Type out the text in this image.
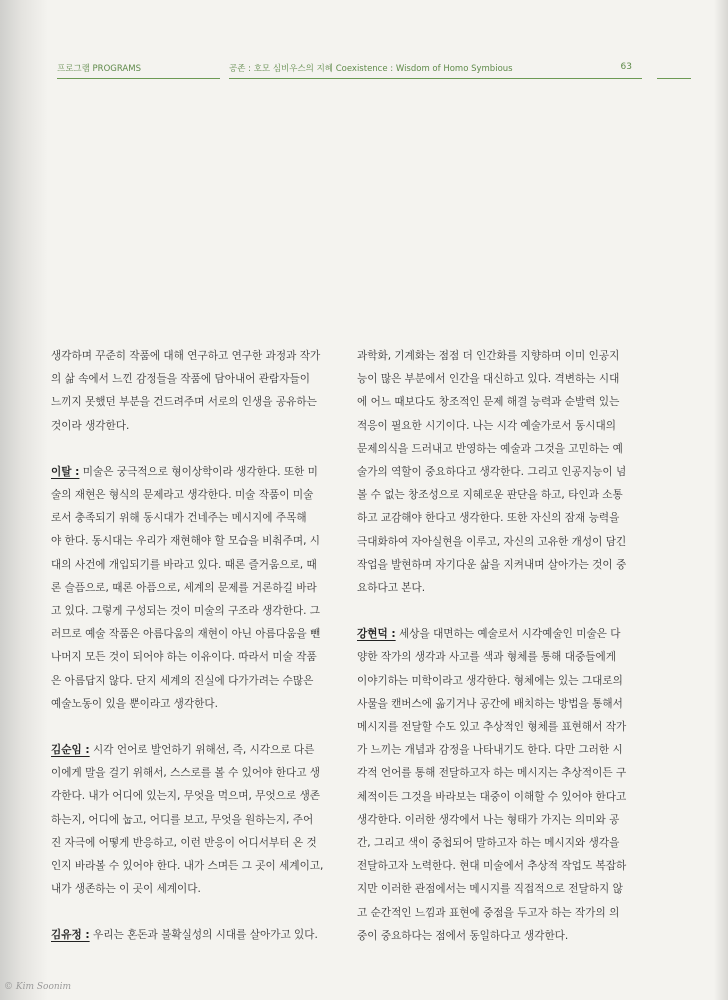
프로그램 PROGRAMS	공존 : 호모 심비우스의 지혜 Coexistence : Wisdom of Homo Symbious	63
생각하며 꾸준히 작품에 대해 연구하고 연구한 과정과 작가
의 삶 속에서 느낀 감정들을 작품에 담아내어 관람자들이
느끼지 못했던 부분을 건드려주며 서로의 인생을 공유하는
것이라 생각한다.
이탈 : 미술은 궁극적으로 형이상학이라 생각한다. 또한 미
술의 재현은 형식의 문제라고 생각한다. 미술 작품이 미술
로서 충족되기 위해 동시대가 건네주는 메시지에 주목해
야 한다. 동시대는 우리가 재현해야 할 모습을 비춰주며, 시
대의 사건에 개입되기를 바라고 있다. 때론 즐거움으로, 때
론 슬픔으로, 때론 아픔으로, 세계의 문제를 거론하길 바라
고 있다. 그렇게 구성되는 것이 미술의 구조라 생각한다. 그
러므로 예술 작품은 아름다움의 재현이 아닌 아름다움을 뺀
나머지 모든 것이 되어야 하는 이유이다. 따라서 미술 작품
은 아름답지 않다. 단지 세계의 진실에 다가가려는 수많은
예술노동이 있을 뿐이라고 생각한다.
김순임 : 시각 언어로 발언하기 위해선, 즉, 시각으로 다른
이에게 말을 걸기 위해서, 스스로를 볼 수 있어야 한다고 생
각한다. 내가 어디에 있는지, 무엇을 먹으며, 무엇으로 생존
하는지, 어디에 눕고, 어디를 보고, 무엇을 원하는지, 주어
진 자극에 어떻게 반응하고, 이런 반응이 어디서부터 온 것
인지 바라볼 수 있어야 한다. 내가 스며든 그 곳이 세계이고,
내가 생존하는 이 곳이 세계이다.
김유정 : 우리는 혼돈과 불확실성의 시대를 살아가고 있다.
과학화, 기계화는 점점 더 인간화를 지향하며 이미 인공지
능이 많은 부분에서 인간을 대신하고 있다. 격변하는 시대
에 어느 때보다도 창조적인 문제 해결 능력과 순발력 있는
적응이 필요한 시기이다. 나는 시각 예술가로서 동시대의
문제의식을 드러내고 반영하는 예술과 그것을 고민하는 예
술가의 역할이 중요하다고 생각한다. 그리고 인공지능이 넘
볼 수 없는 창조성으로 지혜로운 판단을 하고, 타인과 소통
하고 교감해야 한다고 생각한다. 또한 자신의 잠재 능력을
극대화하여 자아실현을 이루고, 자신의 고유한 개성이 담긴
작업을 발현하며 자기다운 삶을 지켜내며 살아가는 것이 중
요하다고 본다.
강현덕 : 세상을 대면하는 예술로서 시각예술인 미술은 다
양한 작가의 생각과 사고를 색과 형체를 통해 대중들에게
이야기하는 미학이라고 생각한다. 형체에는 있는 그대로의
사물을 캔버스에 옮기거나 공간에 배치하는 방법을 통해서
메시지를 전달할 수도 있고 추상적인 형체를 표현해서 작가
가 느끼는 개념과 감정을 나타내기도 한다. 다만 그러한 시
각적 언어를 통해 전달하고자 하는 메시지는 추상적이든 구
체적이든 그것을 바라보는 대중이 이해할 수 있어야 한다고
생각한다. 이러한 생각에서 나는 형태가 가지는 의미와 공
간, 그리고 색이 중첩되어 말하고자 하는 메시지와 생각을
전달하고자 노력한다. 현대 미술에서 추상적 작업도 복잡하
지만 이러한 관점에서는 메시지를 직접적으로 전달하지 않
고 순간적인 느낌과 표현에 중점을 두고자 하는 작가의 의
중이 중요하다는 점에서 동일하다고 생각한다.
© Kim Soonim
